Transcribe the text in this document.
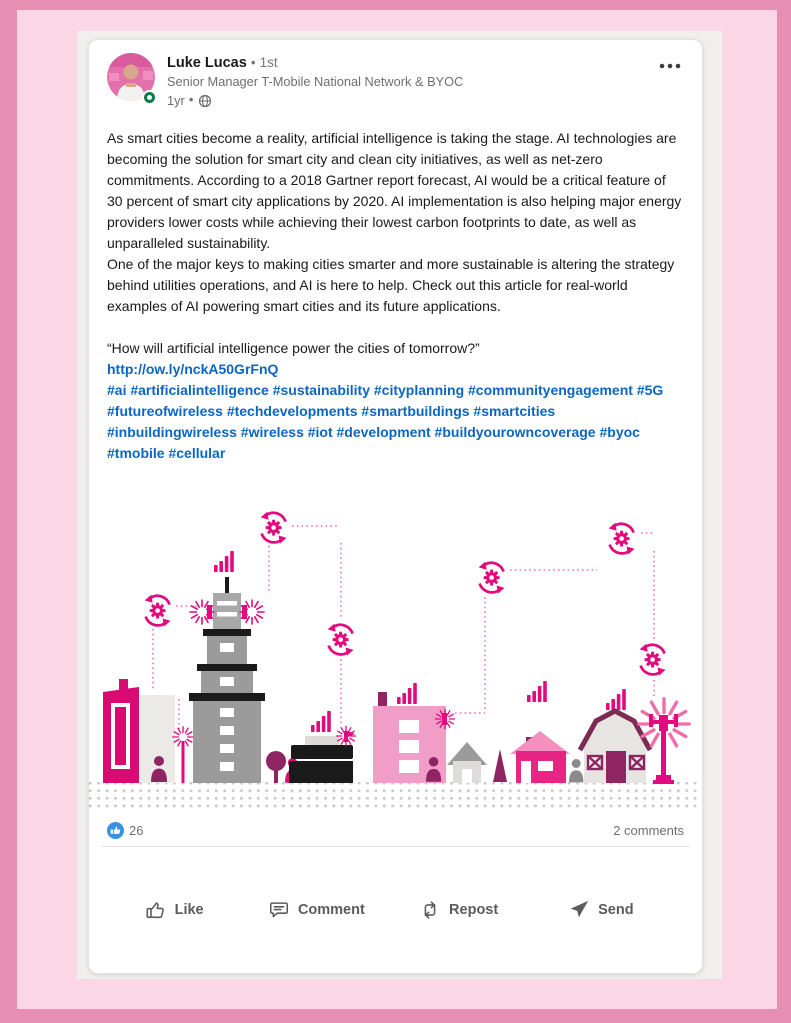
Luke Lucas • 1st
Senior Manager T-Mobile National Network & BYOC
1yr •

As smart cities become a reality, artificial intelligence is taking the stage. AI technologies are becoming the solution for smart city and clean city initiatives, as well as net-zero commitments. According to a 2018 Gartner report forecast, AI would be a critical feature of 30 percent of smart city applications by 2020. AI implementation is also helping major energy providers lower costs while achieving their lowest carbon footprints to date, as well as unparalleled sustainability.

One of the major keys to making cities smarter and more sustainable is altering the strategy behind utilities operations, and AI is here to help. Check out this article for real-world examples of AI powering smart cities and its future applications.

“How will artificial intelligence power the cities of tomorrow?”

http://ow.ly/nckA50GrFnQ

#ai #artificialintelligence #sustainability #cityplanning #communityengagement #5G #futureofwireless #techdevelopments #smartbuildings #smartcities #inbuildingwireless #wireless #iot #development #buildyourowncoverage #byoc #tmobile #cellular

26	2 comments
Like	Comment	Repost	Send
